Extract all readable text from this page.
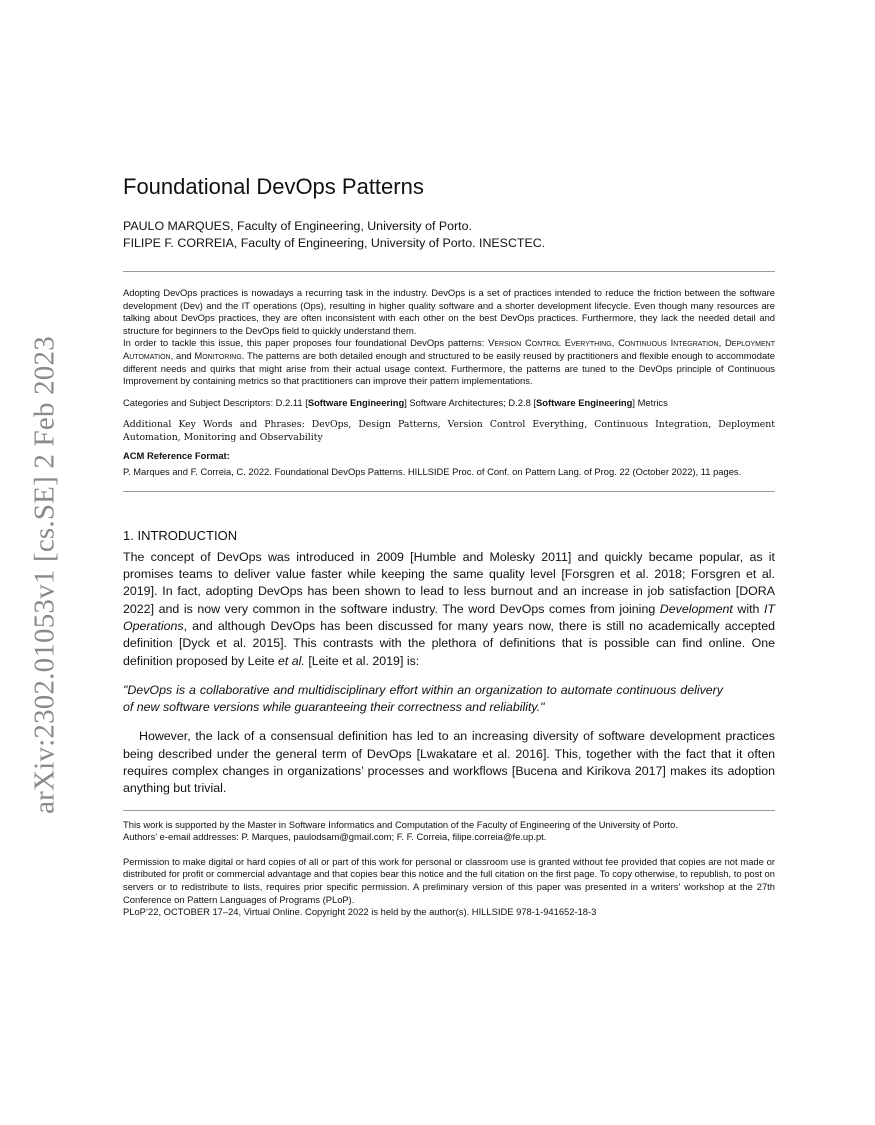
arXiv:2302.01053v1 [cs.SE] 2 Feb 2023
Foundational DevOps Patterns
PAULO MARQUES, Faculty of Engineering, University of Porto.
FILIPE F. CORREIA, Faculty of Engineering, University of Porto. INESCTEC.

Adopting DevOps practices is nowadays a recurring task in the industry. DevOps is a set of practices intended to reduce the friction between the software development (Dev) and the IT operations (Ops), resulting in higher quality software and a shorter development lifecycle. Even though many resources are talking about DevOps practices, they are often inconsistent with each other on the best DevOps practices. Furthermore, they lack the needed detail and structure for beginners to the DevOps field to quickly understand them.

In order to tackle this issue, this paper proposes four foundational DevOps patterns: Version Control Everything, Continuous Integration, Deployment Automation, and Monitoring. The patterns are both detailed enough and structured to be easily reused by practitioners and flexible enough to accommodate different needs and quirks that might arise from their actual usage context. Furthermore, the patterns are tuned to the DevOps principle of Continuous Improvement by containing metrics so that practitioners can improve their pattern implementations.

Categories and Subject Descriptors: D.2.11 [Software Engineering] Software Architectures; D.2.8 [Software Engineering] Metrics

Additional Key Words and Phrases: DevOps, Design Patterns, Version Control Everything, Continuous Integration, Deployment Automation, Monitoring and Observability

ACM Reference Format:

P. Marques and F. Correia, C. 2022. Foundational DevOps Patterns. HILLSIDE Proc. of Conf. on Pattern Lang. of Prog. 22 (October 2022), 11 pages.

1. INTRODUCTION

The concept of DevOps was introduced in 2009 [Humble and Molesky 2011] and quickly became popular, as it promises teams to deliver value faster while keeping the same quality level [Forsgren et al. 2018; Forsgren et al. 2019]. In fact, adopting DevOps has been shown to lead to less burnout and an increase in job satisfaction [DORA 2022] and is now very common in the software industry. The word DevOps comes from joining Development with IT Operations, and although DevOps has been discussed for many years now, there is still no academically accepted definition [Dyck et al. 2015]. This contrasts with the plethora of definitions that is possible can find online. One definition proposed by Leite et al. [Leite et al. 2019] is:

"DevOps is a collaborative and multidisciplinary effort within an organization to automate continuous delivery of new software versions while guaranteeing their correctness and reliability."

However, the lack of a consensual definition has led to an increasing diversity of software development practices being described under the general term of DevOps [Lwakatare et al. 2016]. This, together with the fact that it often requires complex changes in organizations’ processes and workflows [Bucena and Kirikova 2017] makes its adoption anything but trivial.

This work is supported by the Master in Software Informatics and Computation of the Faculty of Engineering of the University of Porto.

Authors’ e-email addresses: P. Marques, paulodsam@gmail.com; F. F. Correia, filipe.correia@fe.up.pt.

Permission to make digital or hard copies of all or part of this work for personal or classroom use is granted without fee provided that copies are not made or distributed for profit or commercial advantage and that copies bear this notice and the full citation on the first page. To copy otherwise, to republish, to post on servers or to redistribute to lists, requires prior specific permission. A preliminary version of this paper was presented in a writers’ workshop at the 27th Conference on Pattern Languages of Programs (PLoP).

PLoP’22, OCTOBER 17–24, Virtual Online. Copyright 2022 is held by the author(s). HILLSIDE 978-1-941652-18-3
